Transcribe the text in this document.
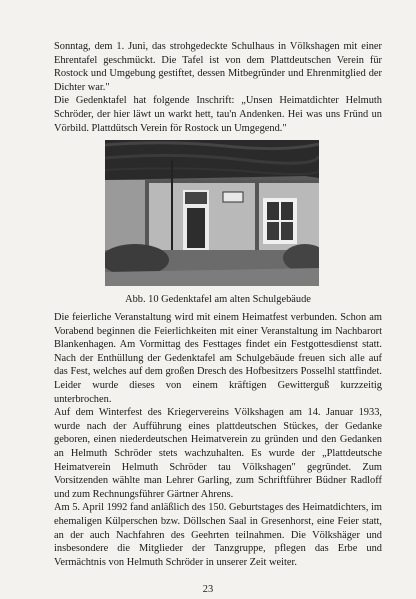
Sonntag, dem 1. Juni, das strohgedeckte Schulhaus in Völkshagen mit einer Ehrentafel geschmückt. Die Tafel ist von dem Plattdeutschen Verein für Rostock und Umgebung gestiftet, dessen Mitbegründer und Ehrenmitglied der Dichter war."

Die Gedenktafel hat folgende Inschrift: „Unsen Heimatdichter Helmuth Schröder, der hier läwt un warkt hett, tau'n Andenken. Hei was uns Fründ un Vörbild. Plattdütsch Verein för Rostock un Umgegend."

Abb. 10 Gedenktafel am alten Schulgebäude

Die feierliche Veranstaltung wird mit einem Heimatfest verbunden. Schon am Vorabend beginnen die Feierlichkeiten mit einer Veranstaltung im Nachbarort Blankenhagen. Am Vormittag des Festtages findet ein Festgottesdienst statt. Nach der Enthüllung der Gedenktafel am Schulgebäude freuen sich alle auf das Fest, welches auf dem großen Dresch des Hofbesitzers Posselhl stattfindet. Leider wurde dieses von einem kräftigen Gewitterguß kurzzeitig unterbrochen.

Auf dem Winterfest des Kriegervereins Völkshagen am 14. Januar 1933, wurde nach der Aufführung eines plattdeutschen Stückes, der Gedanke geboren, einen niederdeutschen Heimatverein zu gründen und den Gedanken an Helmuth Schröder stets wachzuhalten. Es wurde der „Plattdeutsche Heimatverein Helmuth Schröder tau Völkshagen" gegründet. Zum Vorsitzenden wählte man Lehrer Garling, zum Schriftführer Büdner Radloff und zum Rechnungsführer Gärtner Ahrens.

Am 5. April 1992 fand anläßlich des 150. Geburtstages des Heimatdichters, im ehemaligen Külperschen bzw. Döllschen Saal in Gresenhorst, eine Feier statt, an der auch Nachfahren des Geehrten teilnahmen. Die Völkshäger und insbesondere die Mitglieder der Tanzgruppe, pflegen das Erbe und Vermächtnis von Helmuth Schröder in unserer Zeit weiter.

23
